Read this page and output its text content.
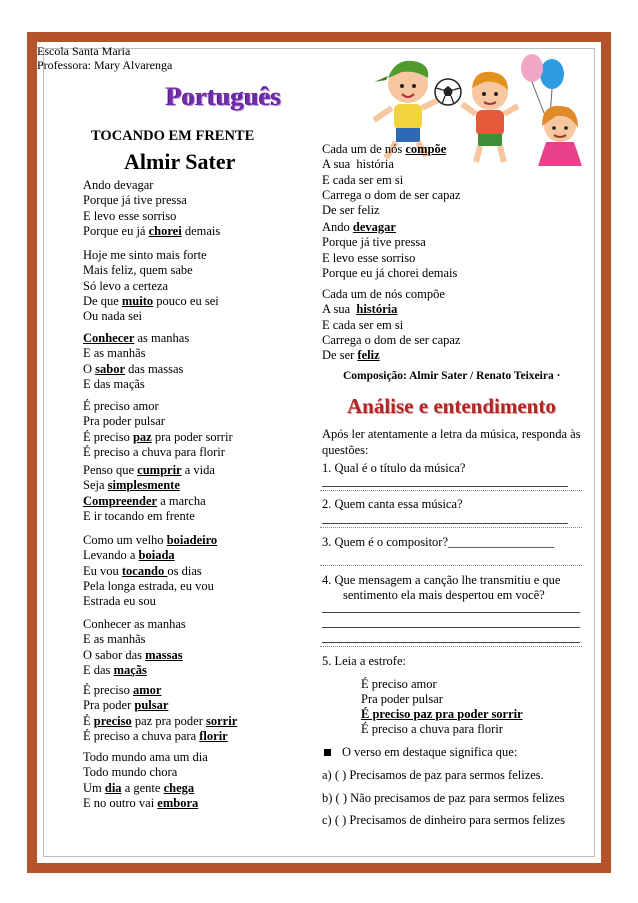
Escola Santa Maria
Professora: Mary Alvarenga
Português
TOCANDO EM FRENTE
Almir Sater
Ando devagar
Porque já tive pressa
E levo esse sorriso
Porque eu já chorei demais
Hoje me sinto mais forte
Mais feliz, quem sabe
Só levo a certeza
De que muito pouco eu sei
Ou nada sei
Conhecer as manhas
E as manhãs
O sabor das massas
E das maçãs
É preciso amor
Pra poder pulsar
É preciso paz pra poder sorrir
É preciso a chuva para florir
Penso que cumprir a vida
Seja simplesmente
Compreender a marcha
E ir tocando em frente
Como um velho boiadeiro
Levando a boiada
Eu vou tocando os dias
Pela longa estrada, eu vou
Estrada eu sou
Conhecer as manhas
E as manhãs
O sabor das massas
E das maçãs
É preciso amor
Pra poder pulsar
É preciso paz pra poder sorrir
É preciso a chuva para florir
Todo mundo ama um dia
Todo mundo chora
Um dia a gente chega
E no outro vai embora
Cada um de nós compõe
A sua  história
E cada ser em si
Carrega o dom de ser capaz
De ser feliz
Ando devagar
Porque já tive pressa
E levo esse sorriso
Porque eu já chorei demais
Cada um de nós compõe
A sua  história
E cada ser em si
Carrega o dom de ser capaz
De ser feliz
Composição: Almir Sater / Renato Teixeira ·
Análise e entendimento
Após ler atentamente a letra da música, responda às questões:
1. Qual é o título da música?
2. Quem canta essa música?
3. Quem é o compositor?_________________
4. Que mensagem a canção lhe transmitiu e que
sentimento ela mais despertou em você?
5. Leia a estrofe:
É preciso amor
Pra poder pulsar
É preciso paz pra poder sorrir
É preciso a chuva para florir
O verso em destaque significa que:
a) ( ) Precisamos de paz para sermos felizes.
b) ( ) Não precisamos de paz para sermos felizes
c) ( ) Precisamos de dinheiro para sermos felizes
